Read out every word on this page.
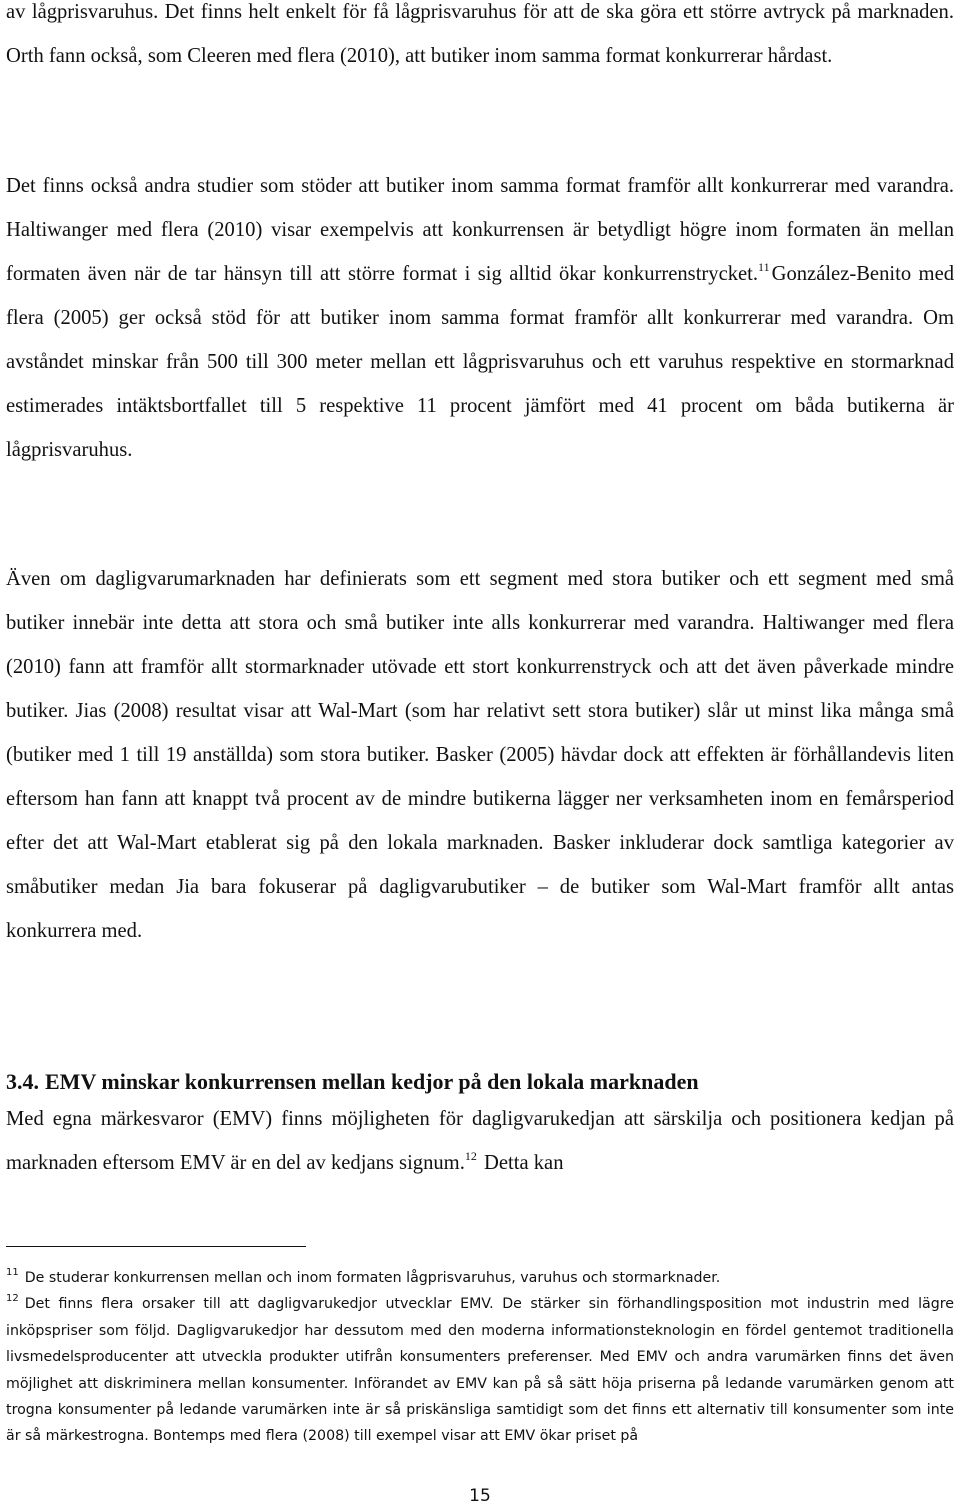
av lågprisvaruhus. Det finns helt enkelt för få lågprisvaruhus för att de ska göra ett större avtryck på marknaden. Orth fann också, som Cleeren med flera (2010), att butiker inom samma format konkurrerar hårdast.

Det finns också andra studier som stöder att butiker inom samma format framför allt konkurrerar med varandra. Haltiwanger med flera (2010) visar exempelvis att konkurrensen är betydligt högre inom formaten än mellan formaten även när de tar hänsyn till att större format i sig alltid ökar konkurrenstrycket.$^{11}$González-Benito med flera (2005) ger också stöd för att butiker inom samma format framför allt konkurrerar med varandra. Om avståndet minskar från 500 till 300 meter mellan ett lågprisvaruhus och ett varuhus respektive en stormarknad estimerades intäktsbortfallet till 5 respektive 11 procent jämfört med 41 procent om båda butikerna är lågprisvaruhus.

Även om dagligvarumarknaden har definierats som ett segment med stora butiker och ett segment med små butiker innebär inte detta att stora och små butiker inte alls konkurrerar med varandra. Haltiwanger med flera (2010) fann att framför allt stormarknader utövade ett stort konkurrenstryck och att det även påverkade mindre butiker. Jias (2008) resultat visar att Wal-Mart (som har relativt sett stora butiker) slår ut minst lika många små (butiker med 1 till 19 anställda) som stora butiker. Basker (2005) hävdar dock att effekten är förhållandevis liten eftersom han fann att knappt två procent av de mindre butikerna lägger ner verksamheten inom en femårsperiod efter det att Wal-Mart etablerat sig på den lokala marknaden. Basker inkluderar dock samtliga kategorier av småbutiker medan Jia bara fokuserar på dagligvarubutiker – de butiker som Wal-Mart framför allt antas konkurrera med.

3.4. EMV minskar konkurrensen mellan kedjor på den lokala marknaden

Med egna märkesvaror (EMV) finns möjligheten för dagligvarukedjan att särskilja och positionera kedjan på marknaden eftersom EMV är en del av kedjans signum.$^{12}$ Detta kan

$^{11}$ De studerar konkurrensen mellan och inom formaten lågprisvaruhus, varuhus och stormarknader.

$^{12}$ Det finns flera orsaker till att dagligvarukedjor utvecklar EMV. De stärker sin förhandlingsposition mot industrin med lägre inköpspriser som följd. Dagligvarukedjor har dessutom med den moderna informationsteknologin en fördel gentemot traditionella livsmedelsproducenter att utveckla produkter utifrån konsumenters preferenser. Med EMV och andra varumärken finns det även möjlighet att diskriminera mellan konsumenter. Införandet av EMV kan på så sätt höja priserna på ledande varumärken genom att trogna konsumenter på ledande varumärken inte är så priskänsliga samtidigt som det finns ett alternativ till konsumenter som inte är så märkestrogna. Bontemps med flera (2008) till exempel visar att EMV ökar priset på

15
